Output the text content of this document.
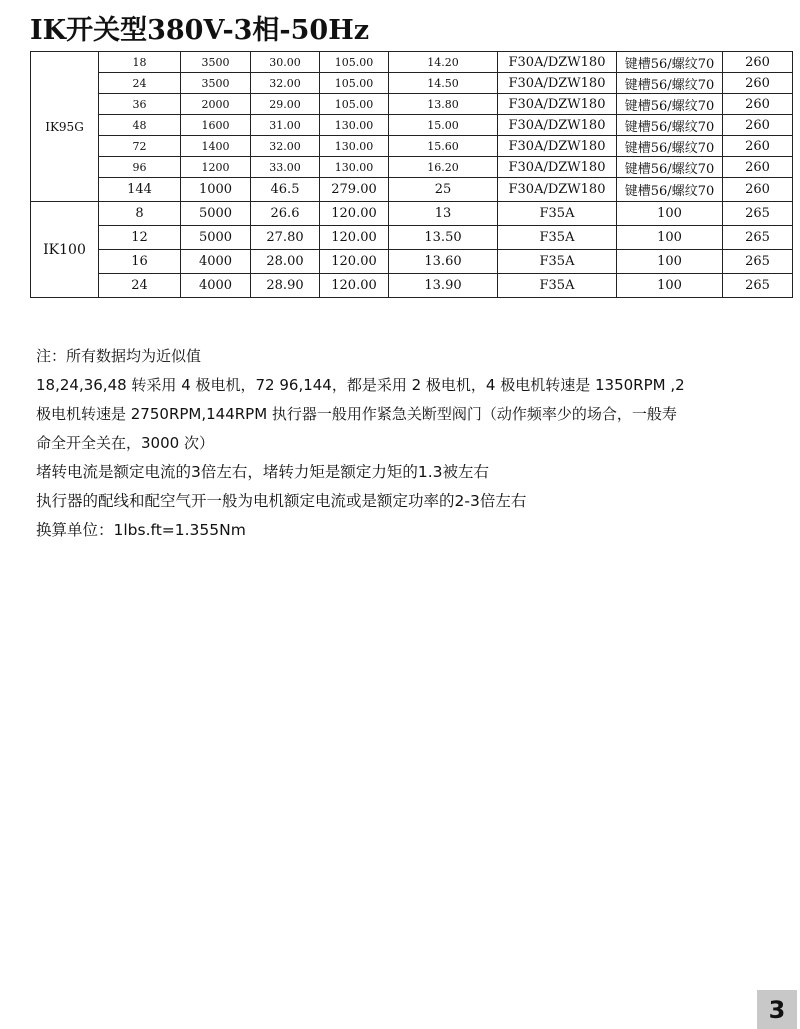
IK开关型380V-3相-50Hz
IK95G	18	3500	30.00	105.00	14.20	F30A/DZW180	键槽56/螺纹70	260
	24	3500	32.00	105.00	14.50	F30A/DZW180	键槽56/螺纹70	260
	36	2000	29.00	105.00	13.80	F30A/DZW180	键槽56/螺纹70	260
	48	1600	31.00	130.00	15.00	F30A/DZW180	键槽56/螺纹70	260
	72	1400	32.00	130.00	15.60	F30A/DZW180	键槽56/螺纹70	260
	96	1200	33.00	130.00	16.20	F30A/DZW180	键槽56/螺纹70	260
	144	1000	46.5	279.00	25	F30A/DZW180	键槽56/螺纹70	260
IK100	8	5000	26.6	120.00	13	F35A	100	265
	12	5000	27.80	120.00	13.50	F35A	100	265
	16	4000	28.00	120.00	13.60	F35A	100	265
	24	4000	28.90	120.00	13.90	F35A	100	265

注：所有数据均为近似值

18,24,36,48 转采用 4 极电机，72 96,144，都是采用 2 极电机，4 极电机转速是 1350RPM ,2 极电机转速是 2750RPM,144RPM 执行器一般用作紧急关断型阀门（动作频率少的场合，一般寿命全开全关在，3000 次）

堵转电流是额定电流的3倍左右，堵转力矩是额定力矩的1.3被左右

执行器的配线和配空气开一般为电机额定电流或是额定功率的2-3倍左右

换算单位：1lbs.ft=1.355Nm

3
